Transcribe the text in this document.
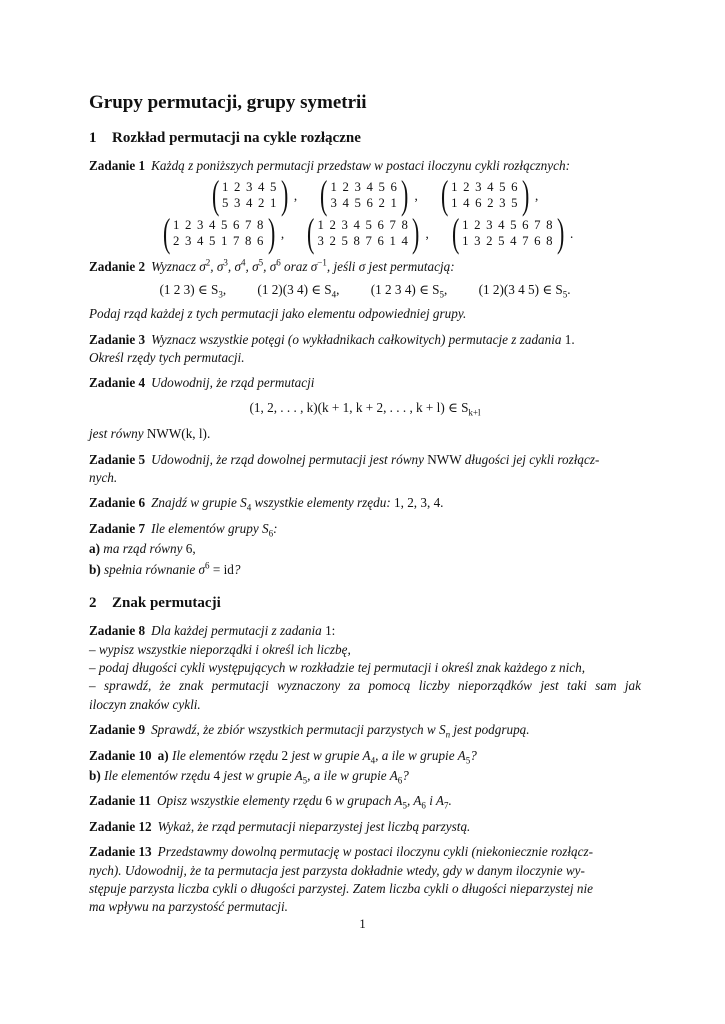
Grupy permutacji, grupy symetrii
1 Rozkład permutacji na cykle rozłączne

Zadanie 1 Każdą z poniższych permutacji przedstaw w postaci iloczynu cykli rozłącznych:

( 1 2 3 4 5
5 3 4 2 1 ) , ( 1 2 3 4 5 6
3 4 5 6 2 1 ) , ( 1 2 3 4 5 6
1 4 6 2 3 5 ) ,
( 1 2 3 4 5 6 7 8
2 3 4 5 1 7 8 6 ) , ( 1 2 3 4 5 6 7 8
3 2 5 8 7 6 1 4 ) , ( 1 2 3 4 5 6 7 8
1 3 2 5 4 7 6 8 ) .

Zadanie 2 Wyznacz $\sigma^2$, $\sigma^3$, $\sigma^4$, $\sigma^5$, $\sigma^6$ oraz $\sigma^{-1}$, jeśli σ jest permutacją:

(1 2 3) ∈ $S_3$, (1 2)(3 4) ∈ $S_4$, (1 2 3 4) ∈ $S_5$, (1 2)(3 4 5) ∈ $S_5$.

Podaj rząd każdej z tych permutacji jako elementu odpowiedniej grupy.

Zadanie 3 Wyznacz wszystkie potęgi (o wykładnikach całkowitych) permutacje z zadania 1.
Określ rzędy tych permutacji.

Zadanie 4 Udowodnij, że rząd permutacji

(1, 2, . . . , k)(k + 1, k + 2, . . . , k + l) ∈ $S_{k+l}$

jest równy NWW(k, l).

Zadanie 5 Udowodnij, że rząd dowolnej permutacji jest równy NWW długości jej cykli rozłącz-
nych.

Zadanie 6 Znajdź w grupie $S_4$ wszystkie elementy rzędu: 1, 2, 3, 4.

Zadanie 7 Ile elementów grupy $S_6$:

a) ma rząd równy 6,

b) spełnia równanie $\sigma^6$ = id?

2 Znak permutacji

Zadanie 8 Dla każdej permutacji z zadania 1:

– wypisz wszystkie nieporządki i określ ich liczbę,

– podaj długości cykli występujących w rozkładzie tej permutacji i określ znak każdego z nich,

– sprawdź, że znak permutacji wyznaczony za pomocą liczby nieporządków jest taki sam jak

iloczyn znaków cykli.

Zadanie 9 Sprawdź, że zbiór wszystkich permutacji parzystych w $S_n$ jest podgrupą.

Zadanie 10 a) Ile elementów rzędu 2 jest w grupie $A_4$, a ile w grupie $A_5$?

b) Ile elementów rzędu 4 jest w grupie $A_5$, a ile w grupie $A_6$?

Zadanie 11 Opisz wszystkie elementy rzędu 6 w grupach $A_5$, $A_6$ i $A_7$.

Zadanie 12 Wykaż, że rząd permutacji nieparzystej jest liczbą parzystą.

Zadanie 13 Przedstawmy dowolną permutację w postaci iloczynu cykli (niekoniecznie rozłącz-
nych). Udowodnij, że ta permutacja jest parzysta dokładnie wtedy, gdy w danym iloczynie wy-
stępuje parzysta liczba cykli o długości parzystej. Zatem liczba cykli o długości nieparzystej nie
ma wpływu na parzystość permutacji.

1
